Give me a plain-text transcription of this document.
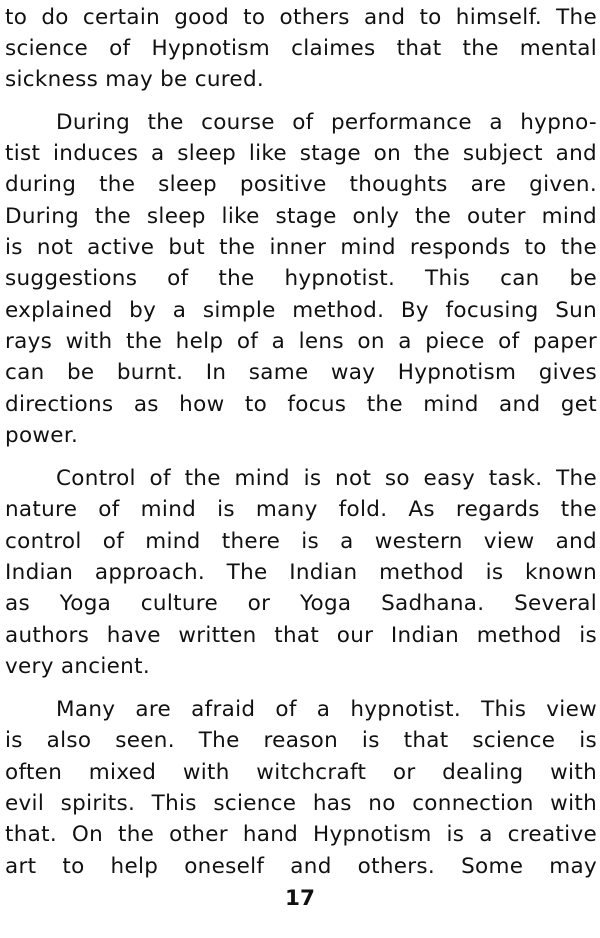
to do certain good to others and to himself. The
science of Hypnotism claimes that the mental
sickness may be cured.
During the course of performance a hypno-
tist induces a sleep like stage on the subject and
during the sleep positive thoughts are given.
During the sleep like stage only the outer mind
is not active but the inner mind responds to the
suggestions of the hypnotist. This can be
explained by a simple method. By focusing Sun
rays with the help of a lens on a piece of paper
can be burnt. In same way Hypnotism gives
directions as how to focus the mind and get
power.
Control of the mind is not so easy task. The
nature of mind is many fold. As regards the
control of mind there is a western view and
Indian approach. The Indian method is known
as Yoga culture or Yoga Sadhana. Several
authors have written that our Indian method is
very ancient.
Many are afraid of a hypnotist. This view
is also seen. The reason is that science is
often mixed with witchcraft or dealing with
evil spirits. This science has no connection with
that. On the other hand Hypnotism is a creative
art to help oneself and others. Some may
17
